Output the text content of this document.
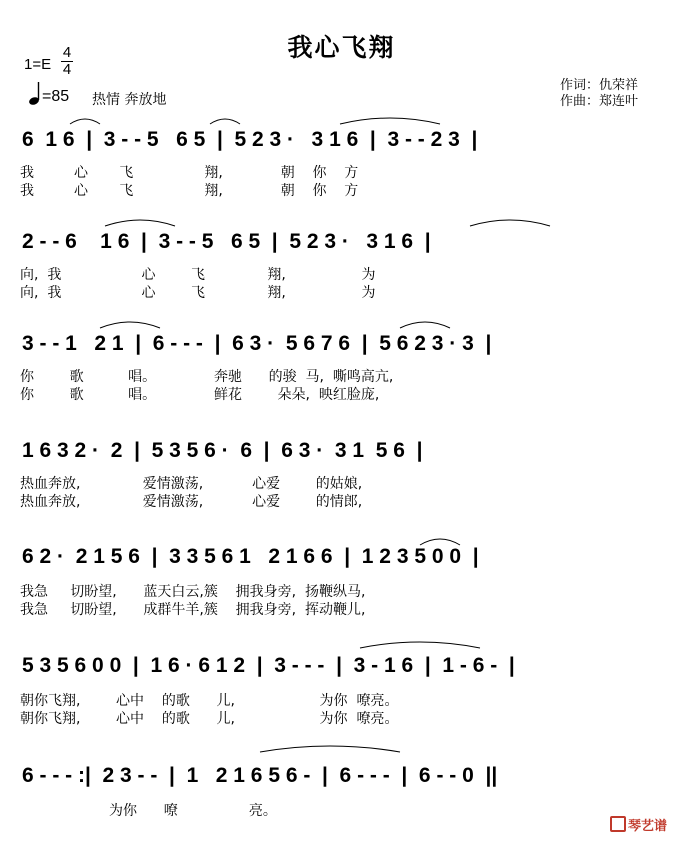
我心飞翔
1=E
4
4
=85 热情 奔放地
作词：仇荣祥
作曲：郑连叶
6  1 6  |  3 - - 5   6 5  |  5 2 3 ·   3 1 6  |  3 - - 2 3  |
我         心       飞                翔,             朝    你    方
我         心       飞                翔,             朝    你    方
2 - - 6    1 6  |  3 - - 5   6 5  |  5 2 3 ·   3 1 6  |
向,  我                  心        飞              翔,                 为
向,  我                  心        飞              翔,                 为
3 - - 1   2 1  |  6 - - -  |  6 3 ·  5 6 7 6  |  5 6 2 3 · 3  |
你        歌          唱。             奔驰      的骏  马,  嘶鸣高亢,
你        歌          唱。             鲜花        朵朵,  映红脸庞,
1 6 3 2 ·  2  |  5 3 5 6 ·  6  |  6 3 ·  3 1  5 6  |
热血奔放,              爱情激荡,           心爱        的姑娘,
热血奔放,              爱情激荡,           心爱        的情郎,
6 2 ·  2 1 5 6  |  3 3 5 6 1   2 1 6 6  |  1 2 3 5 0 0  |
我急     切盼望,      蓝天白云,簇    拥我身旁,  扬鞭纵马,
我急     切盼望,      成群牛羊,簇    拥我身旁,  挥动鞭儿,
5 3 5 6 0 0  |  1 6 · 6 1 2  |  3 - - -  |  3 - 1 6  |  1 - 6 -  |
朝你飞翔,        心中    的歌      儿,                   为你  嘹亮。
朝你飞翔,        心中    的歌      儿,                   为你  嘹亮。
6 - - - :|  2 3 - -  |  1   2 1 6 5 6 -  |  6 - - -  |  6 - - 0  ||
为你      嘹                亮。
琴艺谱
